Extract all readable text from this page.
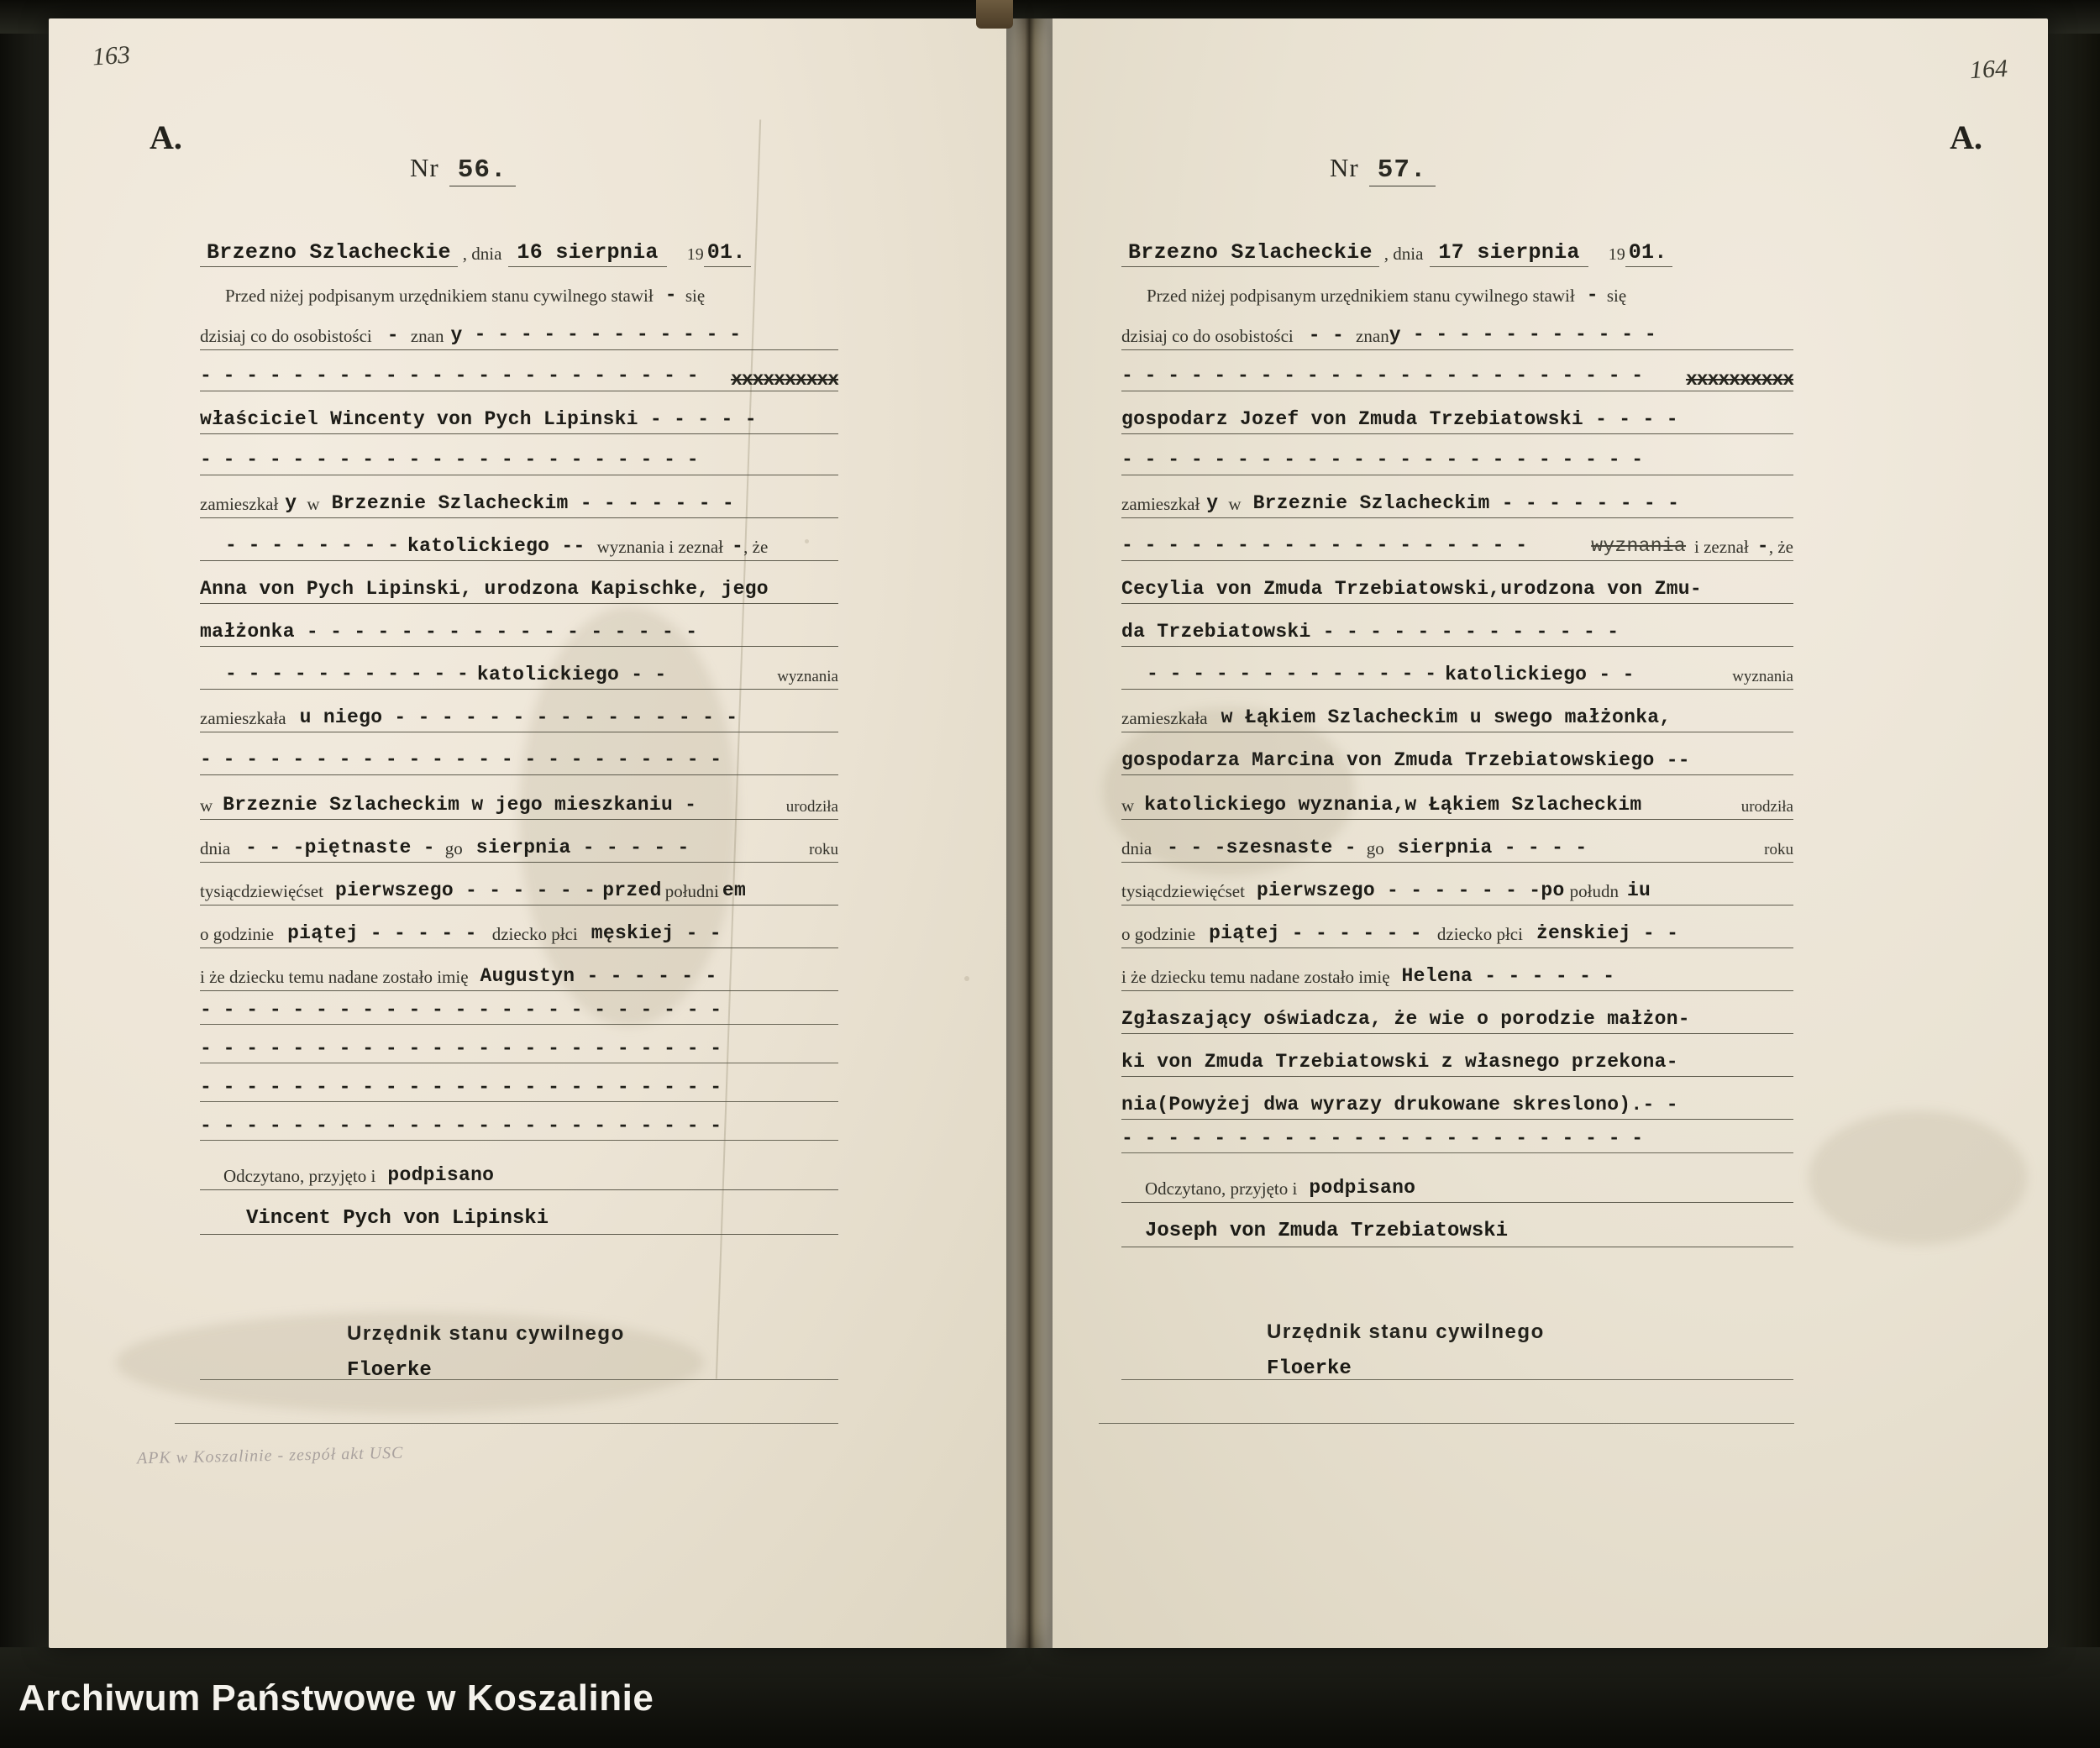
163
A.
Nr 56.
Brzezno Szlacheckie , dnia 16 sierpnia	19 01.
Przed niżej podpisanym urzędnikiem stanu cywilnego stawił - się
dzisiaj co do osobistości - znan y - - - - - - - - - - - -
- - - - - - - - - - - - - - - - - - - - - - xxxxxxxxxx
właściciel Wincenty von Pych Lipinski - - - - -
- - - - - - - - - - - - - - - - - - - - - -
zamieszkał y w Brzeznie Szlacheckim - - - - - - -
- - - - - - - - katolickiego -- wyznania i zeznał - , że
Anna von Pych Lipinski, urodzona Kapischke, jego
małżonka - - - - - - - - - - - - - - - - -
- - - - - - - - - - - katolickiego - -	wyznania
zamieszkała u niego - - - - - - - - - - - - - - -
- - - - - - - - - - - - - - - - - - - - - - -
w Brzeznie Szlacheckim w jego mieszkaniu -	urodziła
dnia - - -piętnaste - go sierpnia - - - - -	roku
tysiącdziewięćset pierwszego - - - - - - przed południ em
o godzinie piątej - - - - - dziecko płci męskiej - -
i że dziecku temu nadane zostało imię Augustyn - - - - - -
- - - - - - - - - - - - - - - - - - - - - - -
- - - - - - - - - - - - - - - - - - - - - - -
- - - - - - - - - - - - - - - - - - - - - - -
- - - - - - - - - - - - - - - - - - - - - - -
Odczytano, przyjęto i podpisano
Vincent Pych von Lipinski
Urzędnik stanu cywilnego
Floerke
APK w Koszalinie - zespół akt USC
164
A.
Nr 57.
Brzezno Szlacheckie , dnia 17 sierpnia	19 01.
Przed niżej podpisanym urzędnikiem stanu cywilnego stawił - się
dzisiaj co do osobistości - - znan y - - - - - - - - - - -
- - - - - - - - - - - - - - - - - - - - - - - xxxxxxxxxx
gospodarz Jozef von Zmuda Trzebiatowski - - - -
- - - - - - - - - - - - - - - - - - - - - - -
zamieszkał y w Brzeznie Szlacheckim - - - - - - - -
- - - - - - - - - - - - - - - - - -	wyznania i zeznał - , że
Cecylia von Zmuda Trzebiatowski,urodzona von Zmu-
da Trzebiatowski - - - - - - - - - - - - -
- - - - - - - - - - - - - katolickiego - -	wyznania
zamieszkała w Łąkiem Szlacheckim u swego małżonka,
gospodarza Marcina von Zmuda Trzebiatowskiego --
w katolickiego wyznania,w Łąkiem Szlacheckim	urodziła
dnia - - -szesnaste - go sierpnia - - - -	roku
tysiącdziewięćset pierwszego - - - - - - -po połudn iu
o godzinie piątej - - - - - - dziecko płci żenskiej - -
i że dziecku temu nadane zostało imię Helena - - - - - -
Zgłaszający oświadcza, że wie o porodzie małżon-
ki von Zmuda Trzebiatowski z własnego przekona-
nia(Powyżej dwa wyrazy drukowane skreslono).- -
- - - - - - - - - - - - - - - - - - - - - - -
Odczytano, przyjęto i podpisano
Joseph von Zmuda Trzebiatowski
Urzędnik stanu cywilnego
Floerke
Archiwum Państwowe w Koszalinie
